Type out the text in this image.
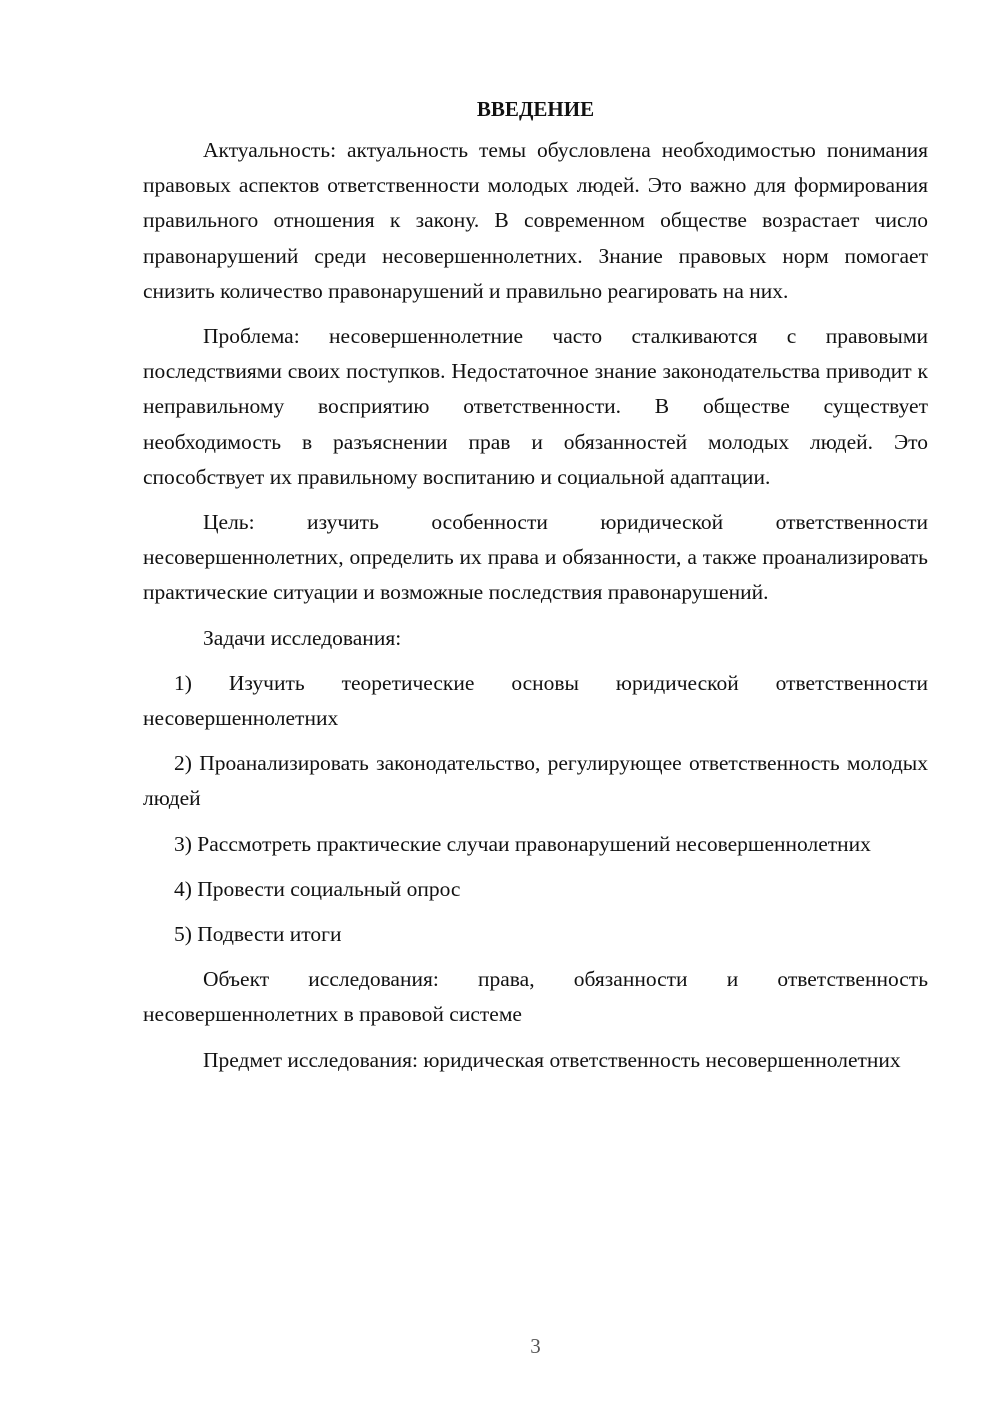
ВВЕДЕНИЕ

Актуальность: актуальность темы обусловлена необходимостью понимания правовых аспектов ответственности молодых людей. Это важно для формирования правильного отношения к закону. В современном обществе возрастает число правонарушений среди несовершеннолетних. Знание правовых норм помогает снизить количество правонарушений и правильно реагировать на них.

Проблема: несовершеннолетние часто сталкиваются с правовыми последствиями своих поступков. Недостаточное знание законодательства приводит к неправильному восприятию ответственности. В обществе существует необходимость в разъяснении прав и обязанностей молодых людей. Это способствует их правильному воспитанию и социальной адаптации.

Цель: изучить особенности юридической ответственности несовершеннолетних, определить их права и обязанности, а также проанализировать практические ситуации и возможные последствия правонарушений.

Задачи исследования:

1) Изучить теоретические основы юридической ответственности несовершеннолетних

2) Проанализировать законодательство, регулирующее ответственность молодых людей

3) Рассмотреть практические случаи правонарушений несовершеннолетних

4) Провести социальный опрос

5) Подвести итоги

Объект исследования: права, обязанности и ответственность несовершеннолетних в правовой системе

Предмет исследования: юридическая ответственность несовершеннолетних

3
